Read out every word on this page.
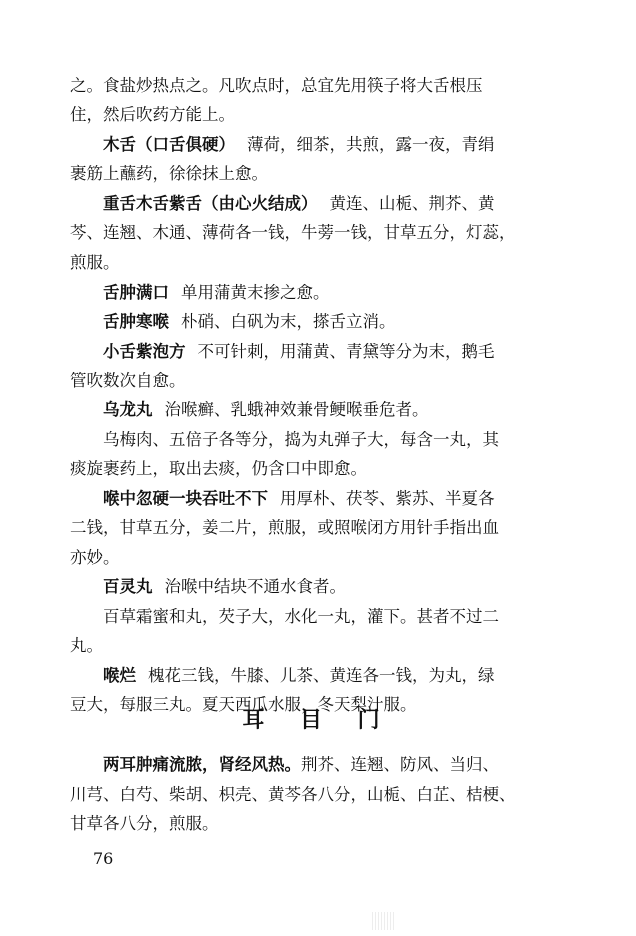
之。食盐炒热点之。凡吹点时，总宜先用筷子将大舌根压
住，然后吹药方能上。
木舌（口舌俱硬） 薄荷，细茶，共煎，露一夜，青绢
裹筋上蘸药，徐徐抹上愈。
重舌木舌紫舌（由心火结成） 黄连、山栀、荆芥、黄
芩、连翘、木通、薄荷各一钱，牛蒡一钱，甘草五分，灯蕊，
煎服。
舌肿满口 单用蒲黄末掺之愈。
舌肿寒喉 朴硝、白矾为末，搽舌立消。
小舌紫泡方 不可针刺，用蒲黄、青黛等分为末，鹅毛
管吹数次自愈。
乌龙丸 治喉癣、乳蛾神效兼骨鲠喉垂危者。
乌梅肉、五倍子各等分，捣为丸弹子大，每含一丸，其
痰旋裹药上，取出去痰，仍含口中即愈。
喉中忽硬一块吞吐不下 用厚朴、茯苓、紫苏、半夏各
二钱，甘草五分，姜二片，煎服，或照喉闭方用针手指出血
亦妙。
百灵丸 治喉中结块不通水食者。
百草霜蜜和丸，芡子大，水化一丸，灌下。甚者不过二
丸。
喉烂 槐花三钱，牛膝、儿茶、黄连各一钱，为丸，绿
豆大，每服三丸。夏天西瓜水服，冬天梨汁服。
耳 目 门
两耳肿痛流脓，肾经风热。荆芥、连翘、防风、当归、
川芎、白芍、柴胡、枳壳、黄芩各八分，山栀、白芷、桔梗、
甘草各八分，煎服。
76
